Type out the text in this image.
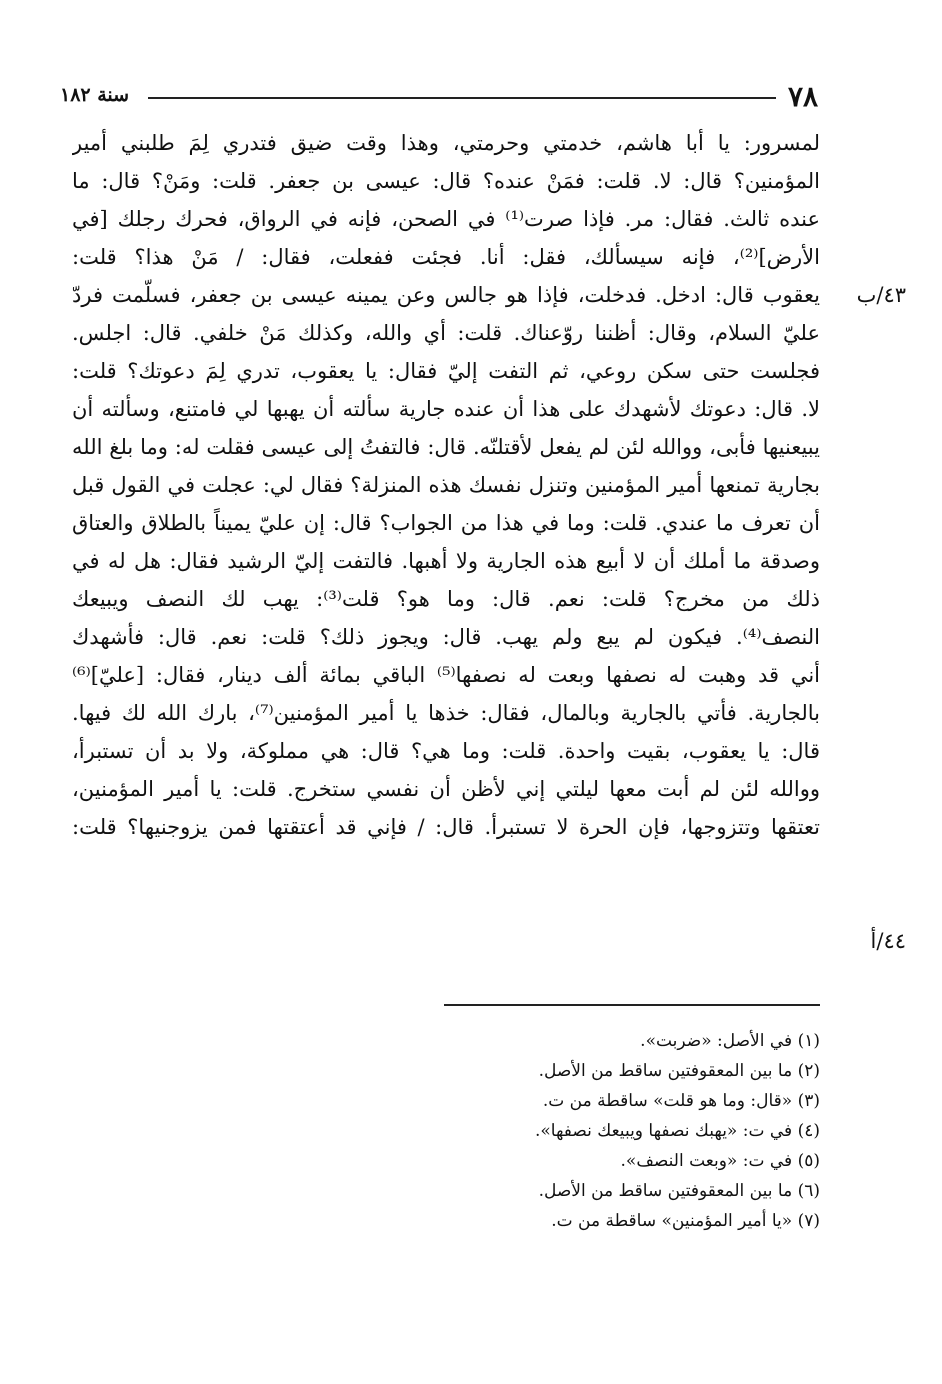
٧٨
سنة ١٨٢
٤٣/ب
٤٤/أ
لمسرور: يا أبا هاشم، خدمتي وحرمتي، وهذا وقت ضيق فتدري لِمَ طلبني أمير
المؤمنين؟ قال: لا. قلت: فمَنْ عنده؟ قال: عيسى بن جعفر. قلت: ومَنْ؟ قال: ما
عنده ثالث. فقال: مر. فإذا صرت⁽¹⁾ في الصحن، فإنه في الرواق، فحرك رجلك [في
الأرض]⁽²⁾، فإنه سيسألك، فقل: أنا. فجئت ففعلت، فقال: / مَنْ هذا؟ قلت:
يعقوب قال: ادخل. فدخلت، فإذا هو جالس وعن يمينه عيسى بن جعفر، فسلّمت فردّ
عليّ السلام، وقال: أظننا روّعناك. قلت: أي والله، وكذلك مَنْ خلفي. قال: اجلس.
فجلست حتى سكن روعي، ثم التفت إليّ فقال: يا يعقوب، تدري لِمَ دعوتك؟ قلت:
لا. قال: دعوتك لأشهدك على هذا أن عنده جارية سألته أن يهبها لي فامتنع، وسألته أن
يبيعنيها فأبى، ووالله لئن لم يفعل لأقتلنّه. قال: فالتفتُ إلى عيسى فقلت له: وما بلغ الله
بجارية تمنعها أمير المؤمنين وتنزل نفسك هذه المنزلة؟ فقال لي: عجلت في القول قبل
أن تعرف ما عندي. قلت: وما في هذا من الجواب؟ قال: إن عليّ يميناً بالطلاق والعتاق
وصدقة ما أملك أن لا أبيع هذه الجارية ولا أهبها. فالتفت إليّ الرشيد فقال: هل له في
ذلك من مخرج؟ قلت: نعم. قال: وما هو؟ قلت⁽³⁾: يهب لك النصف ويبيعك
النصف⁽⁴⁾. فيكون لم يبع ولم يهب. قال: ويجوز ذلك؟ قلت: نعم. قال: فأشهدك
أني قد وهبت له نصفها وبعت له نصفها⁽⁵⁾ الباقي بمائة ألف دينار، فقال: [عليّ]⁽⁶⁾
بالجارية. فأتي بالجارية وبالمال، فقال: خذها يا أمير المؤمنين⁽⁷⁾، بارك الله لك فيها.
قال: يا يعقوب، بقيت واحدة. قلت: وما هي؟ قال: هي مملوكة، ولا بد أن تستبرأ،
ووالله لئن لم أبت معها ليلتي إني لأظن أن نفسي ستخرج. قلت: يا أمير المؤمنين،
تعتقها وتتزوجها، فإن الحرة لا تستبرأ. قال: / فإني قد أعتقتها فمن يزوجنيها؟ قلت:
(١) في الأصل: «ضربت».
(٢) ما بين المعقوفتين ساقط من الأصل.
(٣) «قال: وما هو قلت» ساقطة من ت.
(٤) في ت: «يهبك نصفها ويبيعك نصفها».
(٥) في ت: «وبعت النصف».
(٦) ما بين المعقوفتين ساقط من الأصل.
(٧) «يا أمير المؤمنين» ساقطة من ت.
